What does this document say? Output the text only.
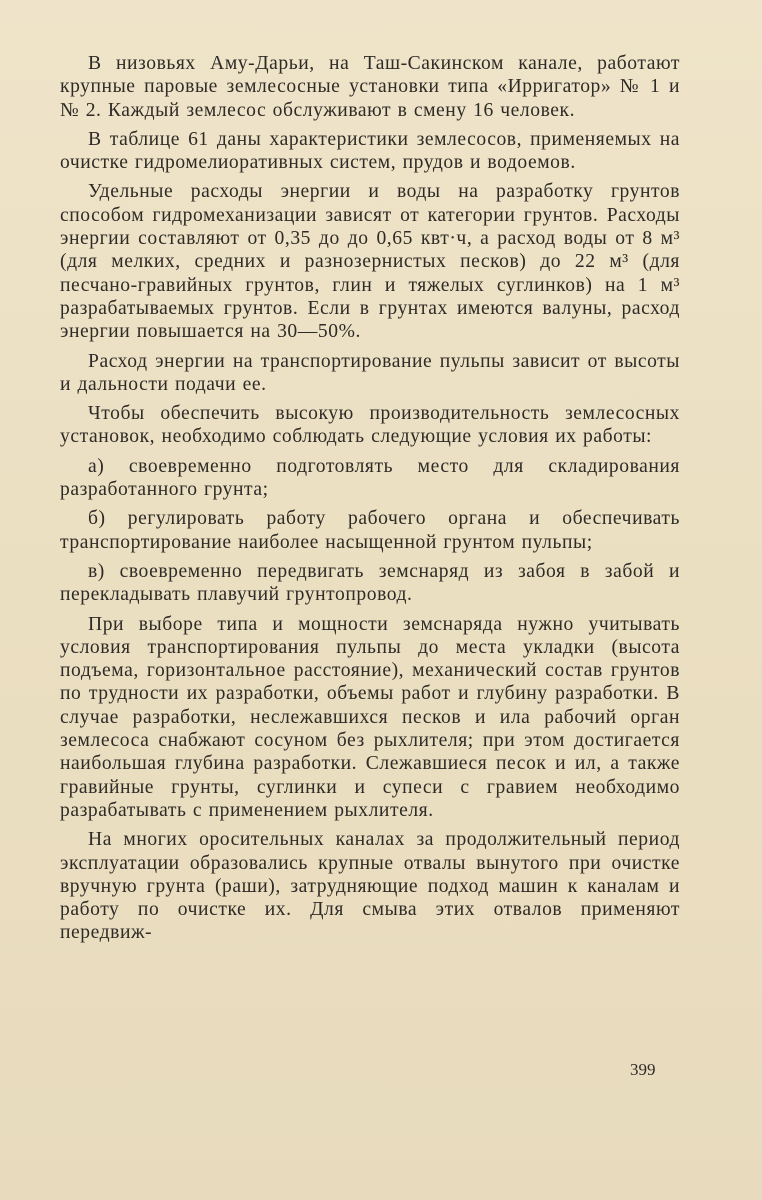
В низовьях Аму-Дарьи, на Таш-Сакинском канале, работают крупные паровые землесосные установки типа «Ирригатор» № 1 и № 2. Каждый землесос обслуживают в смену 16 человек.

В таблице 61 даны характеристики землесосов, применяемых на очистке гидромелиоративных систем, прудов и водоемов.

Удельные расходы энергии и воды на разработку грунтов способом гидромеханизации зависят от категории грунтов. Расходы энергии составляют от 0,35 до до 0,65 квт·ч, а расход воды от 8 м³ (для мелких, средних и разнозернистых песков) до 22 м³ (для песчано-гравийных грунтов, глин и тяжелых суглинков) на 1 м³ разрабатываемых грунтов. Если в грунтах имеются валуны, расход энергии повышается на 30—50%.

Расход энергии на транспортирование пульпы зависит от высоты и дальности подачи ее.

Чтобы обеспечить высокую производительность землесосных установок, необходимо соблюдать следующие условия их работы:

а) своевременно подготовлять место для складирования разработанного грунта;

б) регулировать работу рабочего органа и обеспечивать транспортирование наиболее насыщенной грунтом пульпы;

в) своевременно передвигать земснаряд из забоя в забой и перекладывать плавучий грунтопровод.

При выборе типа и мощности земснаряда нужно учитывать условия транспортирования пульпы до места укладки (высота подъема, горизонтальное расстояние), механический состав грунтов по трудности их разработки, объемы работ и глубину разработки. В случае разработки, неслежавшихся песков и ила рабочий орган землесоса снабжают сосуном без рыхлителя; при этом достигается наибольшая глубина разработки. Слежавшиеся песок и ил, а также гравийные грунты, суглинки и супеси с гравием необходимо разрабатывать с применением рыхлителя.

На многих оросительных каналах за продолжительный период эксплуатации образовались крупные отвалы вынутого при очистке вручную грунта (раши), затрудняющие подход машин к каналам и работу по очистке их. Для смыва этих отвалов применяют передвиж-

399
